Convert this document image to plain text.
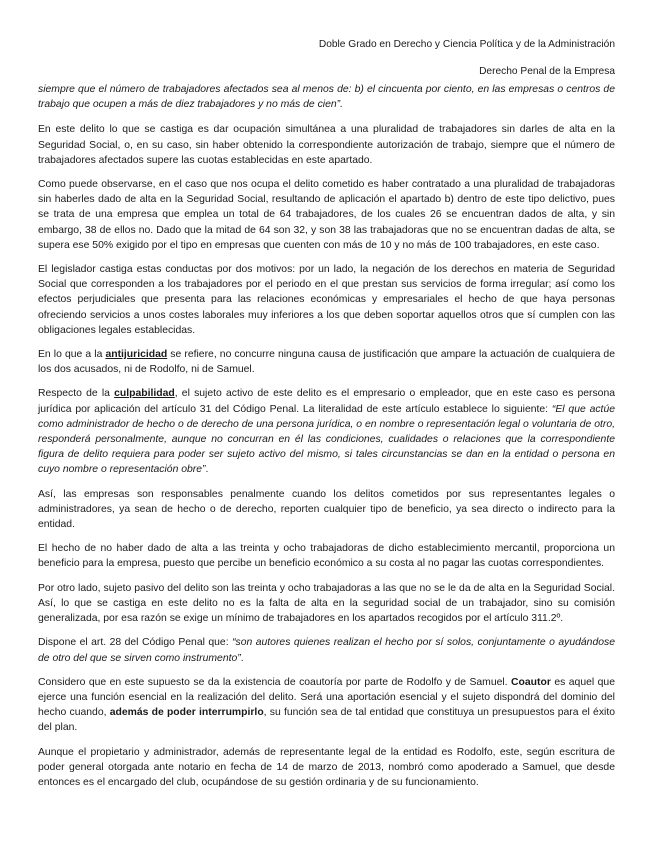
Doble Grado en Derecho y Ciencia Política y de la Administración
Derecho Penal de la Empresa

siempre que el número de trabajadores afectados sea al menos de: b) el cincuenta por ciento, en las empresas o centros de trabajo que ocupen a más de diez trabajadores y no más de cien”.

En este delito lo que se castiga es dar ocupación simultánea a una pluralidad de trabajadores sin darles de alta en la Seguridad Social, o, en su caso, sin haber obtenido la correspondiente autorización de trabajo, siempre que el número de trabajadores afectados supere las cuotas establecidas en este apartado.

Como puede observarse, en el caso que nos ocupa el delito cometido es haber contratado a una pluralidad de trabajadoras sin haberles dado de alta en la Seguridad Social, resultando de aplicación el apartado b) dentro de este tipo delictivo, pues se trata de una empresa que emplea un total de 64 trabajadores, de los cuales 26 se encuentran dados de alta, y sin embargo, 38 de ellos no. Dado que la mitad de 64 son 32, y son 38 las trabajadoras que no se encuentran dadas de alta, se supera ese 50% exigido por el tipo en empresas que cuenten con más de 10 y no más de 100 trabajadores, en este caso.

El legislador castiga estas conductas por dos motivos: por un lado, la negación de los derechos en materia de Seguridad Social que corresponden a los trabajadores por el periodo en el que prestan sus servicios de forma irregular; así como los efectos perjudiciales que presenta para las relaciones económicas y empresariales el hecho de que haya personas ofreciendo servicios a unos costes laborales muy inferiores a los que deben soportar aquellos otros que sí cumplen con las obligaciones legales establecidas.

En lo que a la antijuricidad se refiere, no concurre ninguna causa de justificación que ampare la actuación de cualquiera de los dos acusados, ni de Rodolfo, ni de Samuel.

Respecto de la culpabilidad, el sujeto activo de este delito es el empresario o empleador, que en este caso es persona jurídica por aplicación del artículo 31 del Código Penal. La literalidad de este artículo establece lo siguiente: “El que actúe como administrador de hecho o de derecho de una persona jurídica, o en nombre o representación legal o voluntaria de otro, responderá personalmente, aunque no concurran en él las condiciones, cualidades o relaciones que la correspondiente figura de delito requiera para poder ser sujeto activo del mismo, si tales circunstancias se dan en la entidad o persona en cuyo nombre o representación obre”.

Así, las empresas son responsables penalmente cuando los delitos cometidos por sus representantes legales o administradores, ya sean de hecho o de derecho, reporten cualquier tipo de beneficio, ya sea directo o indirecto para la entidad.

El hecho de no haber dado de alta a las treinta y ocho trabajadoras de dicho establecimiento mercantil, proporciona un beneficio para la empresa, puesto que percibe un beneficio económico a su costa al no pagar las cuotas correspondientes.

Por otro lado, sujeto pasivo del delito son las treinta y ocho trabajadoras a las que no se le da de alta en la Seguridad Social. Así, lo que se castiga en este delito no es la falta de alta en la seguridad social de un trabajador, sino su comisión generalizada, por esa razón se exige un mínimo de trabajadores en los apartados recogidos por el artículo 311.2º.

Dispone el art. 28 del Código Penal que: “son autores quienes realizan el hecho por sí solos, conjuntamente o ayudándose de otro del que se sirven como instrumento”.

Considero que en este supuesto se da la existencia de coautoría por parte de Rodolfo y de Samuel. Coautor es aquel que ejerce una función esencial en la realización del delito. Será una aportación esencial y el sujeto dispondrá del dominio del hecho cuando, además de poder interrumpirlo, su función sea de tal entidad que constituya un presupuestos para el éxito del plan.

Aunque el propietario y administrador, además de representante legal de la entidad es Rodolfo, este, según escritura de poder general otorgada ante notario en fecha de 14 de marzo de 2013, nombró como apoderado a Samuel, que desde entonces es el encargado del club, ocupándose de su gestión ordinaria y de su funcionamiento.
